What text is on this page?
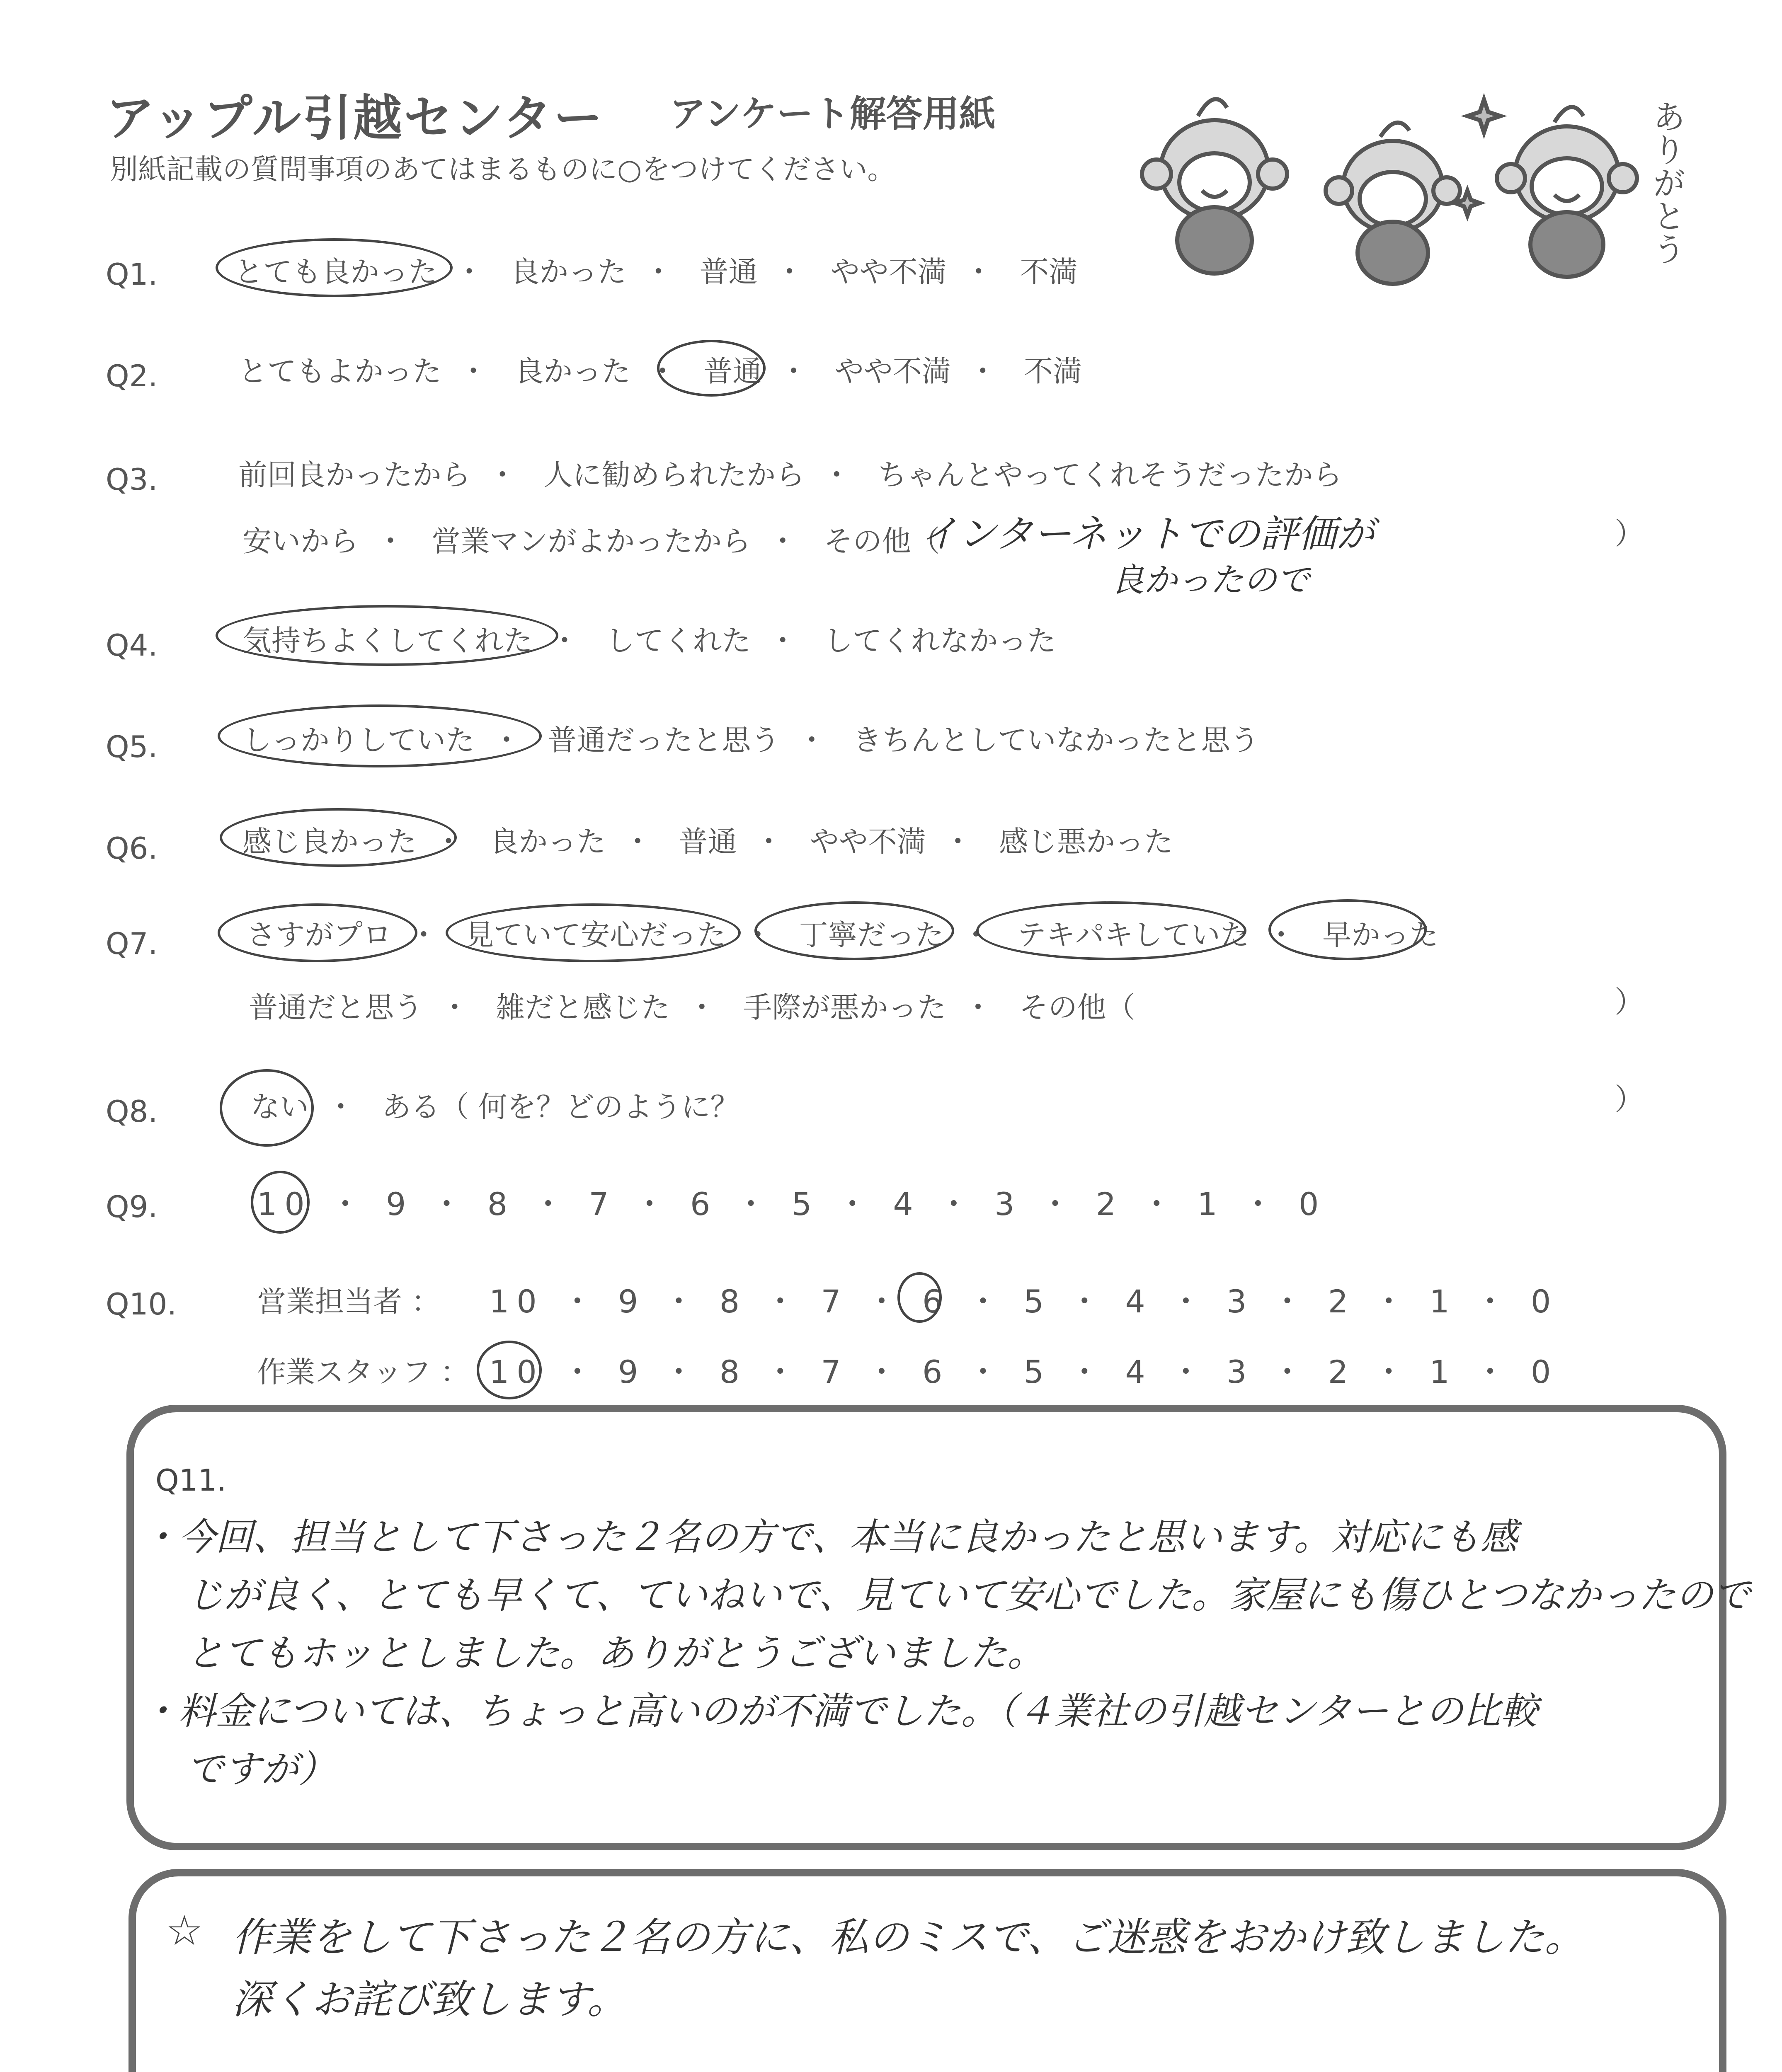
アップル引越センター アンケート解答用紙
別紙記載の質問事項のあてはまるものに○をつけてください。	ありがとう
Q1.	とても良かった ・ 良かった ・ 普通 ・ やや不満 ・ 不満
Q2.	とてもよかった ・ 良かった ・ 普通 ・ やや不満 ・ 不満
Q3.	前回良かったから ・ 人に勧められたから ・ ちゃんとやってくれそうだったから
安いから ・ 営業マンがよかったから ・ その他（
インターネットでの評価が
良かったので
）
Q4.	気持ちよくしてくれた ・ してくれた ・ してくれなかった
Q5.	しっかりしていた ・ 普通だったと思う ・ きちんとしていなかったと思う
Q6.	感じ良かった ・ 良かった ・ 普通 ・ やや不満 ・ 感じ悪かった
Q7.	さすがプロ ・ 見ていて安心だった ・ 丁寧だった ・ テキパキしていた ・ 早かった
普通だと思う ・ 雑だと感じた ・ 手際が悪かった ・ その他（	）
Q8.	ない ・ ある（ 何を？どのように？	）
Q9.	10 ・ 9 ・ 8 ・ 7 ・ 6 ・ 5 ・ 4 ・ 3 ・ 2 ・ 1 ・ 0
Q10.	営業担当者 ： 10 ・ 9 ・ 8 ・ 7 ・ 6 ・ 5 ・ 4 ・ 3 ・ 2 ・ 1 ・ 0
作業スタッフ ： 10 ・ 9 ・ 8 ・ 7 ・ 6 ・ 5 ・ 4 ・ 3 ・ 2 ・ 1 ・ 0
Q11.
・今回、担当として下さった２名の方で、本当に良かったと思います。対応にも感
じが良く、とても早くて、ていねいで、見ていて安心でした。家屋にも傷ひとつなかったので
とてもホッとしました。ありがとうございました。
・料金については、ちょっと高いのが不満でした。（４業社の引越センターとの比較
ですが）
☆ 作業をして下さった２名の方に、私のミスで、ご迷惑をおかけ致しました。
深くお詫び致します。
